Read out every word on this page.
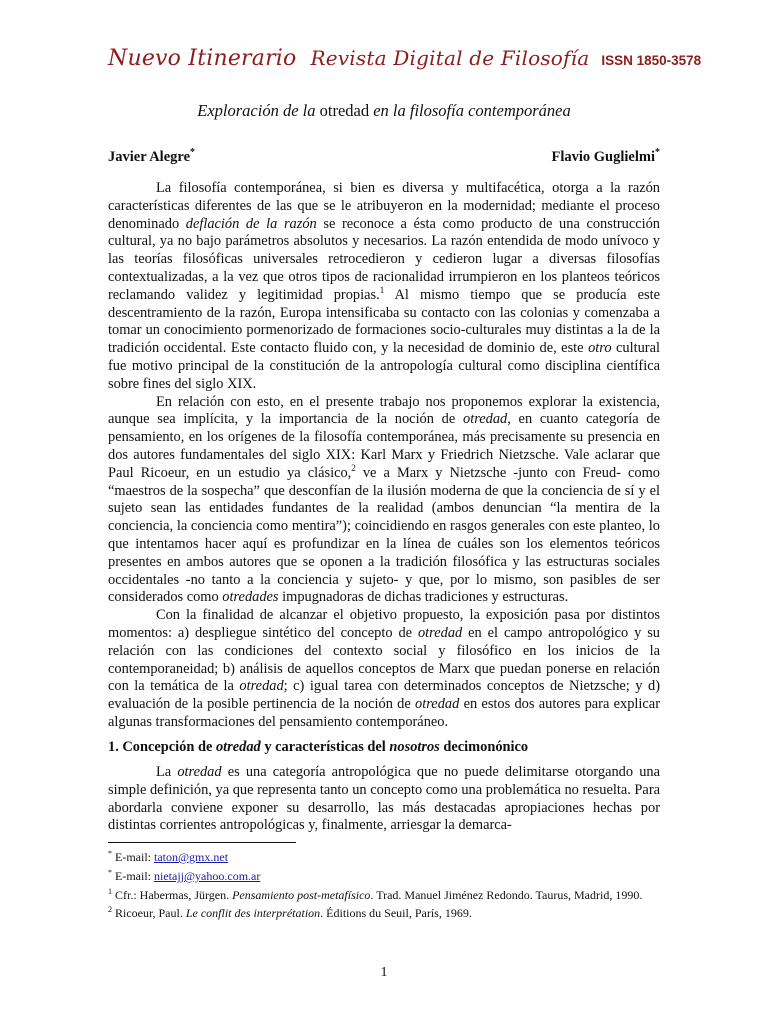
Nuevo Itinerario Revista Digital de Filosofía ISSN 1850-3578
Exploración de la otredad en la filosofía contemporánea
Javier Alegre*	Flavio Guglielmi*

La filosofía contemporánea, si bien es diversa y multifacética, otorga a la razón características diferentes de las que se le atribuyeron en la modernidad; mediante el proceso denominado deflación de la razón se reconoce a ésta como producto de una construcción cultural, ya no bajo parámetros absolutos y necesarios. La razón entendida de modo unívoco y las teorías filosóficas universales retrocedieron y cedieron lugar a diversas filosofías contextualizadas, a la vez que otros tipos de racionalidad irrumpieron en los planteos teóricos reclamando validez y legitimidad propias.$^1$ Al mismo tiempo que se producía este descentramiento de la razón, Europa intensificaba su contacto con las colonias y comenzaba a tomar un conocimiento pormenorizado de formaciones socio-culturales muy distintas a la de la tradición occidental. Este contacto fluido con, y la necesidad de dominio de, este otro cultural fue motivo principal de la constitución de la antropología cultural como disciplina científica sobre fines del siglo XIX.

En relación con esto, en el presente trabajo nos proponemos explorar la existencia, aunque sea implícita, y la importancia de la noción de otredad, en cuanto categoría de pensamiento, en los orígenes de la filosofía contemporánea, más precisamente su presencia en dos autores fundamentales del siglo XIX: Karl Marx y Friedrich Nietzsche. Vale aclarar que Paul Ricoeur, en un estudio ya clásico,$^2$ ve a Marx y Nietzsche -junto con Freud- como “maestros de la sospecha” que desconfían de la ilusión moderna de que la conciencia de sí y el sujeto sean las entidades fundantes de la realidad (ambos denuncian “la mentira de la conciencia, la conciencia como mentira”); coincidiendo en rasgos generales con este planteo, lo que intentamos hacer aquí es profundizar en la línea de cuáles son los elementos teóricos presentes en ambos autores que se oponen a la tradición filosófica y las estructuras sociales occidentales -no tanto a la conciencia y sujeto- y que, por lo mismo, son pasibles de ser considerados como otredades impugnadoras de dichas tradiciones y estructuras.

Con la finalidad de alcanzar el objetivo propuesto, la exposición pasa por distintos momentos: a) despliegue sintético del concepto de otredad en el campo antropológico y su relación con las condiciones del contexto social y filosófico en los inicios de la contemporaneidad; b) análisis de aquellos conceptos de Marx que puedan ponerse en relación con la temática de la otredad; c) igual tarea con determinados conceptos de Nietzsche; y d) evaluación de la posible pertinencia de la noción de otredad en estos dos autores para explicar algunas transformaciones del pensamiento contemporáneo.

1. Concepción de otredad y características del nosotros decimonónico

La otredad es una categoría antropológica que no puede delimitarse otorgando una simple definición, ya que representa tanto un concepto como una problemática no resuelta. Para abordarla conviene exponer su desarrollo, las más destacadas apropiaciones hechas por distintas corrientes antropológicas y, finalmente, arriesgar la demarca-

* E-mail: taton@gmx.net
* E-mail: nietajj@yahoo.com.ar
$^1$ Cfr.: Habermas, Jürgen. Pensamiento post-metafísico. Trad. Manuel Jiménez Redondo. Taurus, Madrid, 1990.
$^2$ Ricoeur, Paul. Le conflit des interprétation. Éditions du Seuil, París, 1969.
1
